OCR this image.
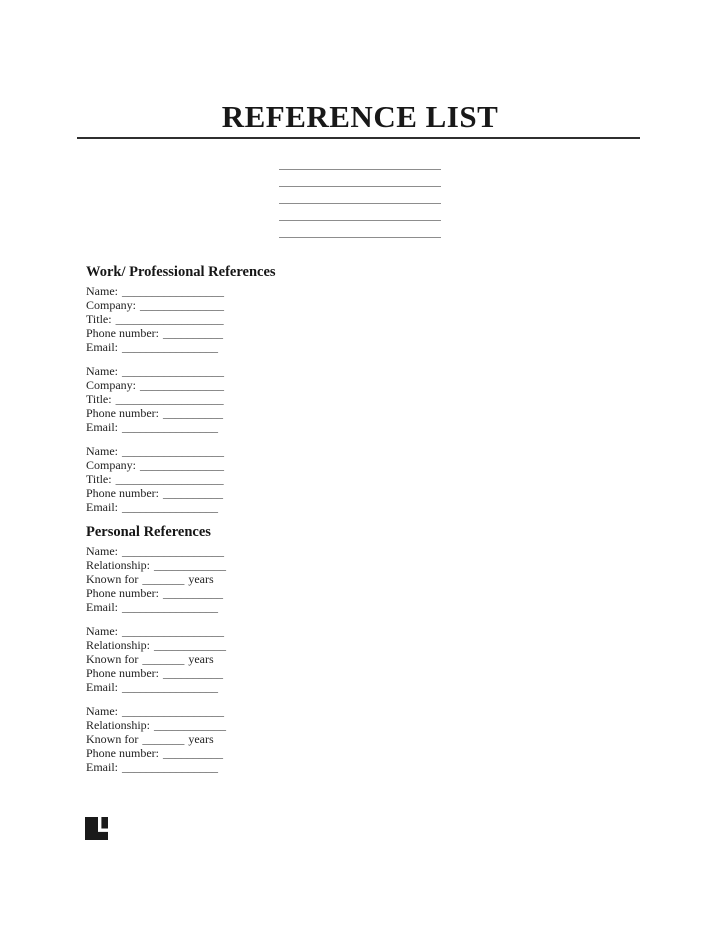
REFERENCE LIST
Work/ Professional References
Name: _________________
Company: ______________
Title: __________________
Phone number: __________
Email: ________________
Name: _________________
Company: ______________
Title: __________________
Phone number: __________
Email: ________________
Name: _________________
Company: ______________
Title: __________________
Phone number: __________
Email: ________________
Personal References
Name: _________________
Relationship: ____________
Known for _______ years
Phone number: __________
Email: ________________
Name: _________________
Relationship: ____________
Known for _______ years
Phone number: __________
Email: ________________
Name: _________________
Relationship: ____________
Known for _______ years
Phone number: __________
Email: ________________
